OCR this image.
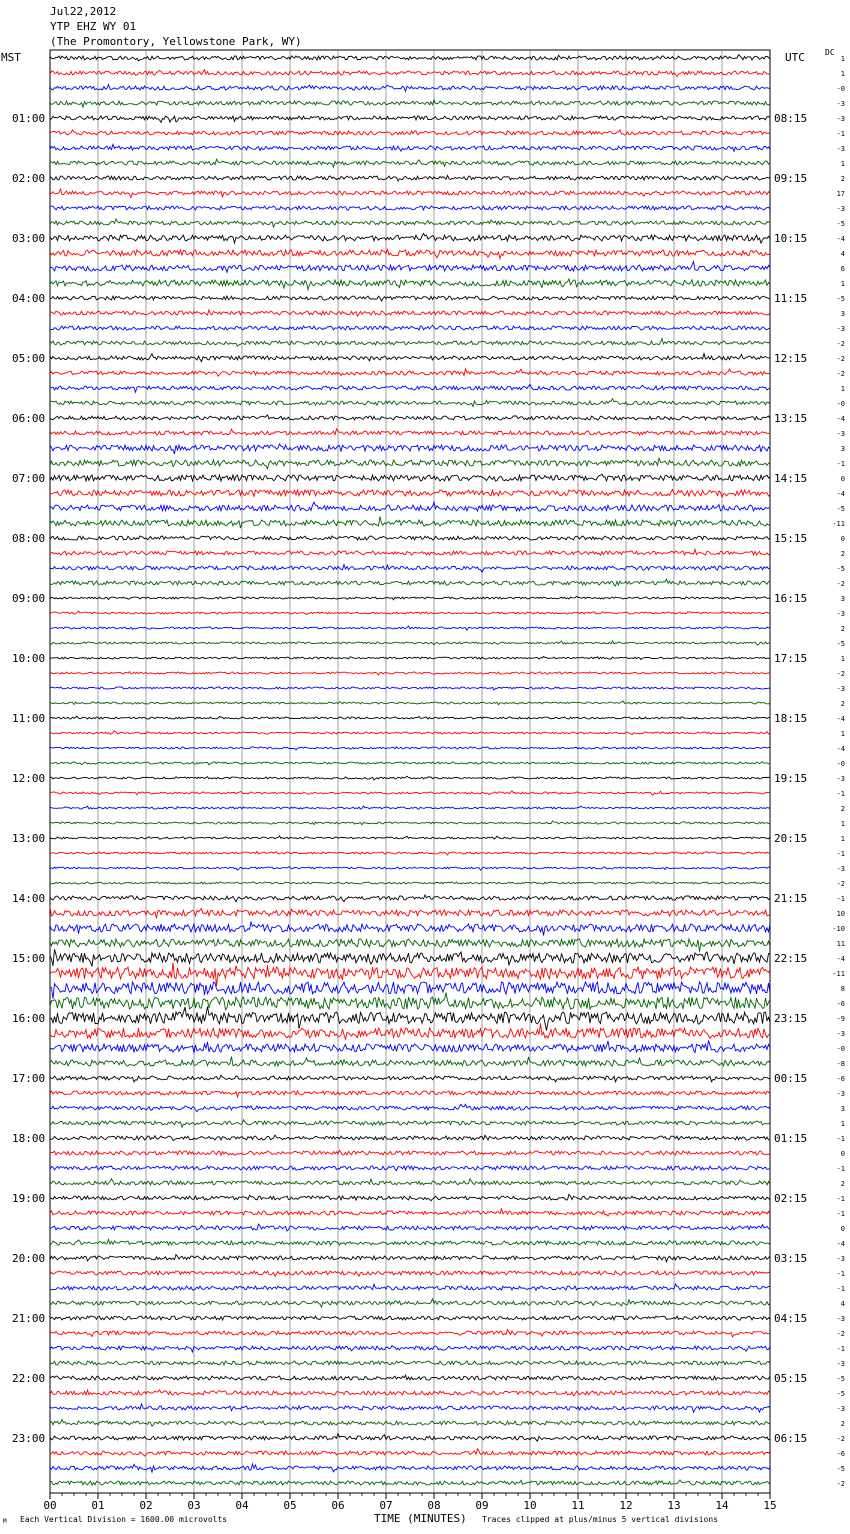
Jul22,2012
YTP EHZ WY 01
(The Promontory, Yellowstone Park, WY)
MST	UTC	DC
00	01	02	03	04	05	06	07	08	09	10	11	12	13	14	15
01:00
02:00
03:00
04:00
05:00
06:00
07:00
08:00
09:00
10:00
11:00
12:00
13:00
14:00
15:00
16:00
17:00
18:00
19:00
20:00
21:00
22:00
23:00
08:15
09:15
10:15
11:15
12:15
13:15
14:15
15:15
16:15
17:15
18:15
19:15
20:15
21:15
22:15
23:15
00:15
01:15
02:15
03:15
04:15
05:15
06:15
1
1
-0
-3
-3
-1
-3
1
2
17
-3
-5
-4
4
6
1
-5
3
-3
-2
-2
-2
1
-0
-4
-3
3
-1
0
-4
-5
-11
0
2
-5
-2
3
-3
2
-5
1
-2
-3
2
-4
1
-4
-0
-3
-1
2
1
1
-1
-3
-2
-1
10
-10
11
-4
-11
8
-6
-9
-3
-0
-8
-6
-3
3
1
-1
0
-1
2
-1
-1
0
-4
-3
-1
-1
4
-3
-2
-1
-3
-5
-5
-3
2
-2
-6
-5
-2
TIME (MINUTES)
M Each Vertical Division = 1600.00 microvolts	Traces clipped at plus/minus 5 vertical divisions
